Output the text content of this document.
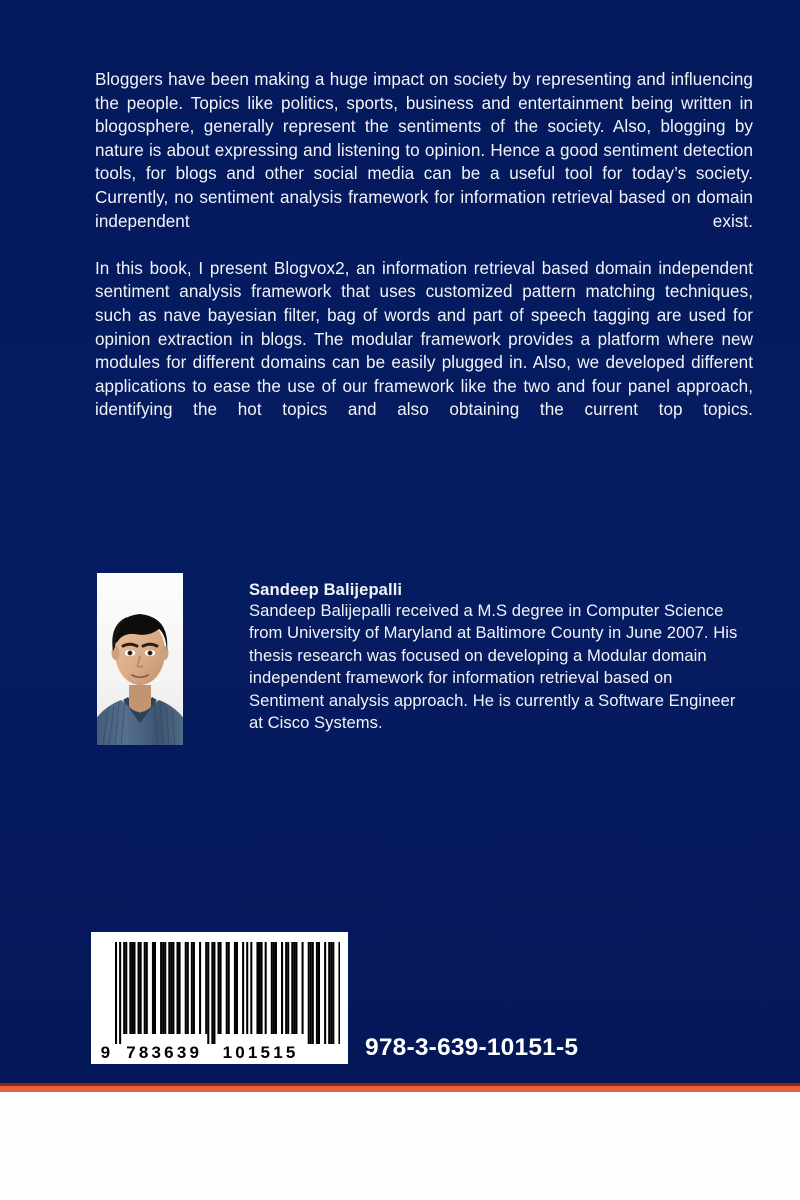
Bloggers have been making a huge impact on society by representing and influencing the people. Topics like politics, sports, business and entertainment being written in blogosphere, generally represent the sentiments of the society. Also, blogging by nature is about expressing and listening to opinion. Hence a good sentiment detection tools, for blogs and other social media can be a useful tool for today’s society. Currently, no sentiment analysis framework for information retrieval based on domain independent exist.

In this book, I present Blogvox2, an information retrieval based domain independent sentiment analysis framework that uses customized pattern matching techniques, such as nave bayesian filter, bag of words and part of speech tagging are used for opinion extraction in blogs. The modular framework provides a platform where new modules for different domains can be easily plugged in. Also, we developed different applications to ease the use of our framework like the two and four panel approach, identifying the hot topics and also obtaining the current top topics.

Sandeep Balijepalli
Sandeep Balijepalli received a M.S degree in Computer Science from University of Maryland at Baltimore County in June 2007. His thesis research was focused on developing a Modular domain independent framework for information retrieval based on Sentiment analysis approach. He is currently a Software Engineer at Cisco Systems.
9 783639 101515	978-3-639-10151-5
